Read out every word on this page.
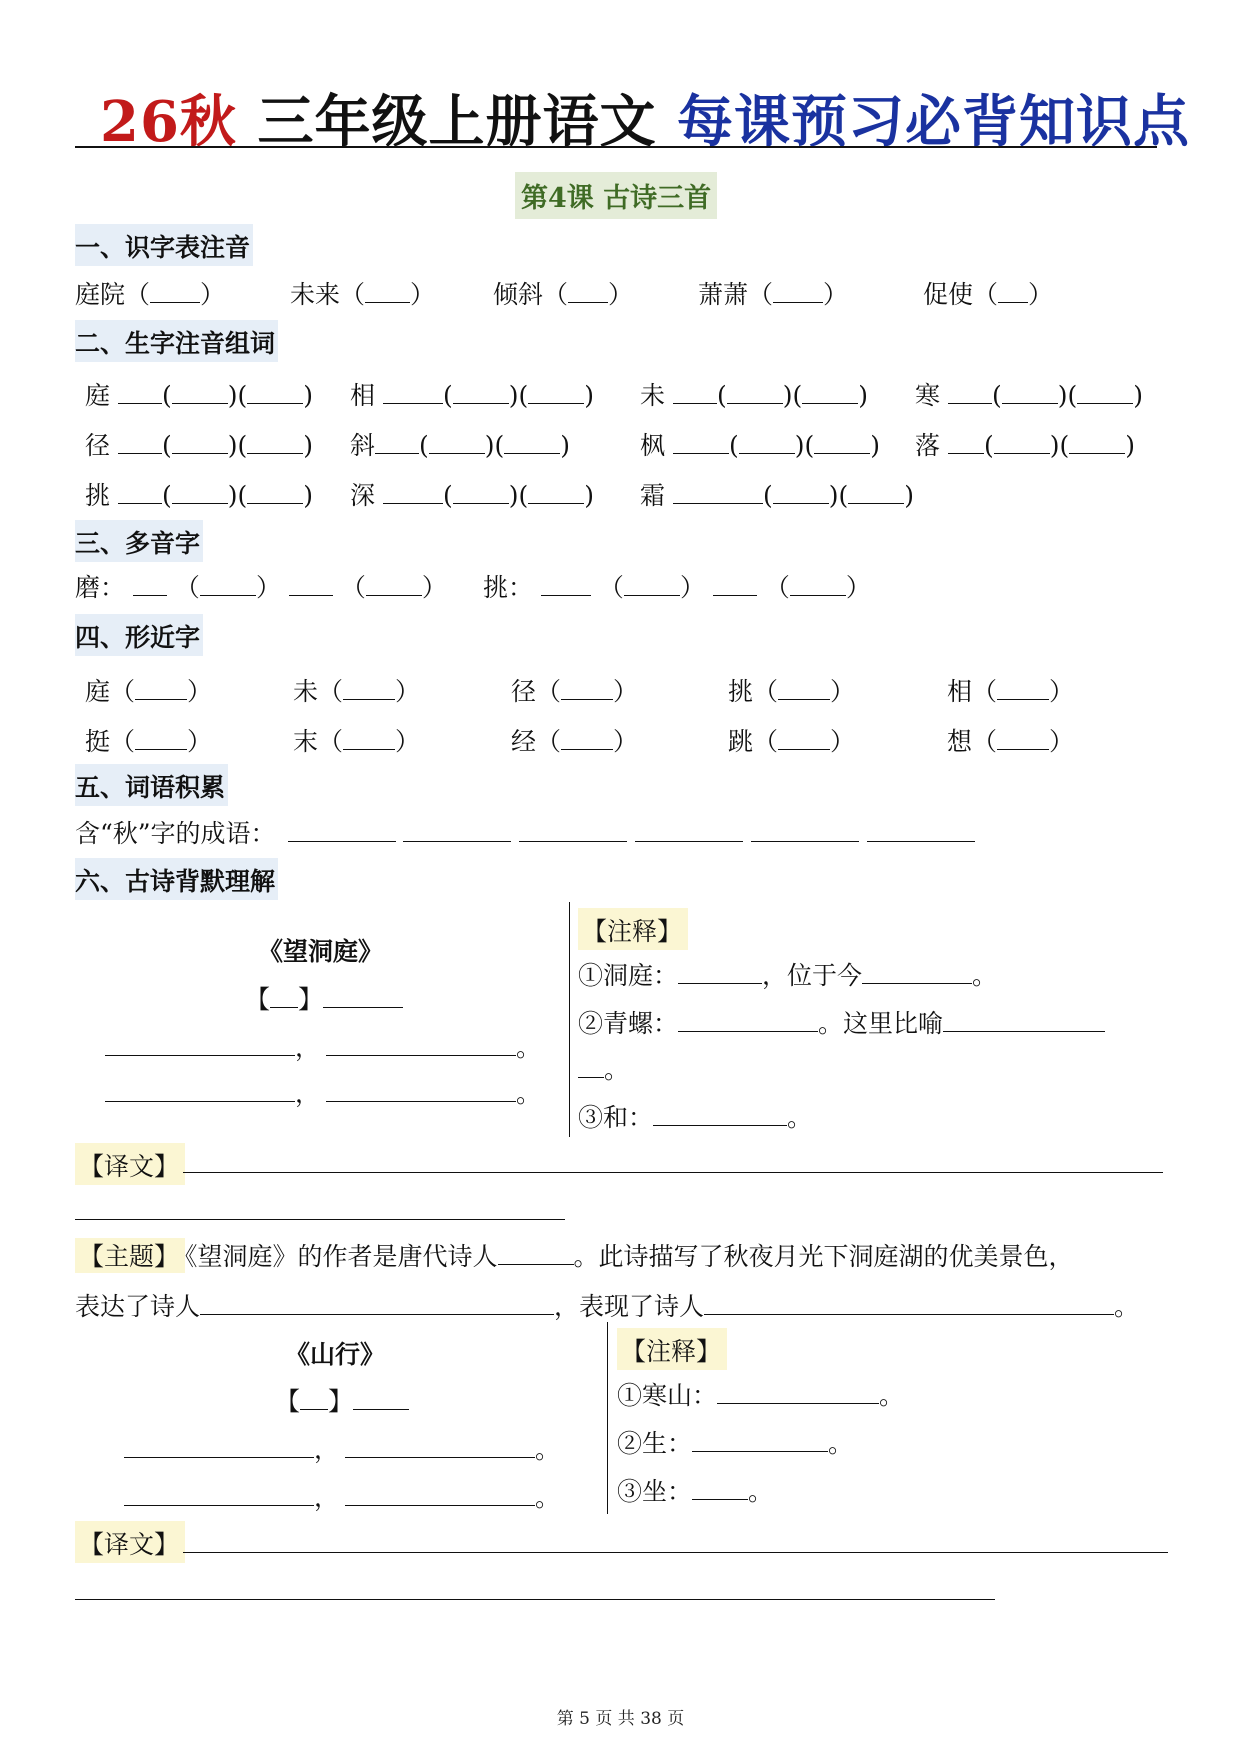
26秋 三年级上册语文 每课预习必背知识点
第4课 古诗三首
一、识字表注音
庭院（ ）	未来（ ） 倾斜（ ）	萧萧（ ）	促使（ ）
二、生字注音组词
庭 ( )( ) 相	( )( ) 未 ( )( ) 寒 ( )( )
径 ( )( ) 斜 ( )( )	枫	( )( ) 落 ( )( )
挑 ( )( ) 深	( )( ) 霜	( )( )
三、多音字
磨： （ ） （ ） 挑：	（ ） （ ）
四、形近字
庭（ ）	未（ ）	径（ ）	挑（ ）	相（ ）
挺（ ）	末（ ）	经（ ）	跳（ ）	想（ ）
五、词语积累
含“秋”字的成语：
六、古诗背默理解
《望洞庭》
【 】
，	。
，	。
【注释】
①洞庭：	，位于今	。
②青螺：	。这里比喻
。
③和：	。
【译文】
【主题】 《望洞庭》的作者是唐代诗人	。此诗描写了秋夜月光下洞庭湖的优美景色，
表达了诗人	，表现了诗人	。
《山行》
【 】
，	。
，	。
【注释】
①寒山：	。
②生：	。
③坐： 。
【译文】
第 5 页 共 38 页
